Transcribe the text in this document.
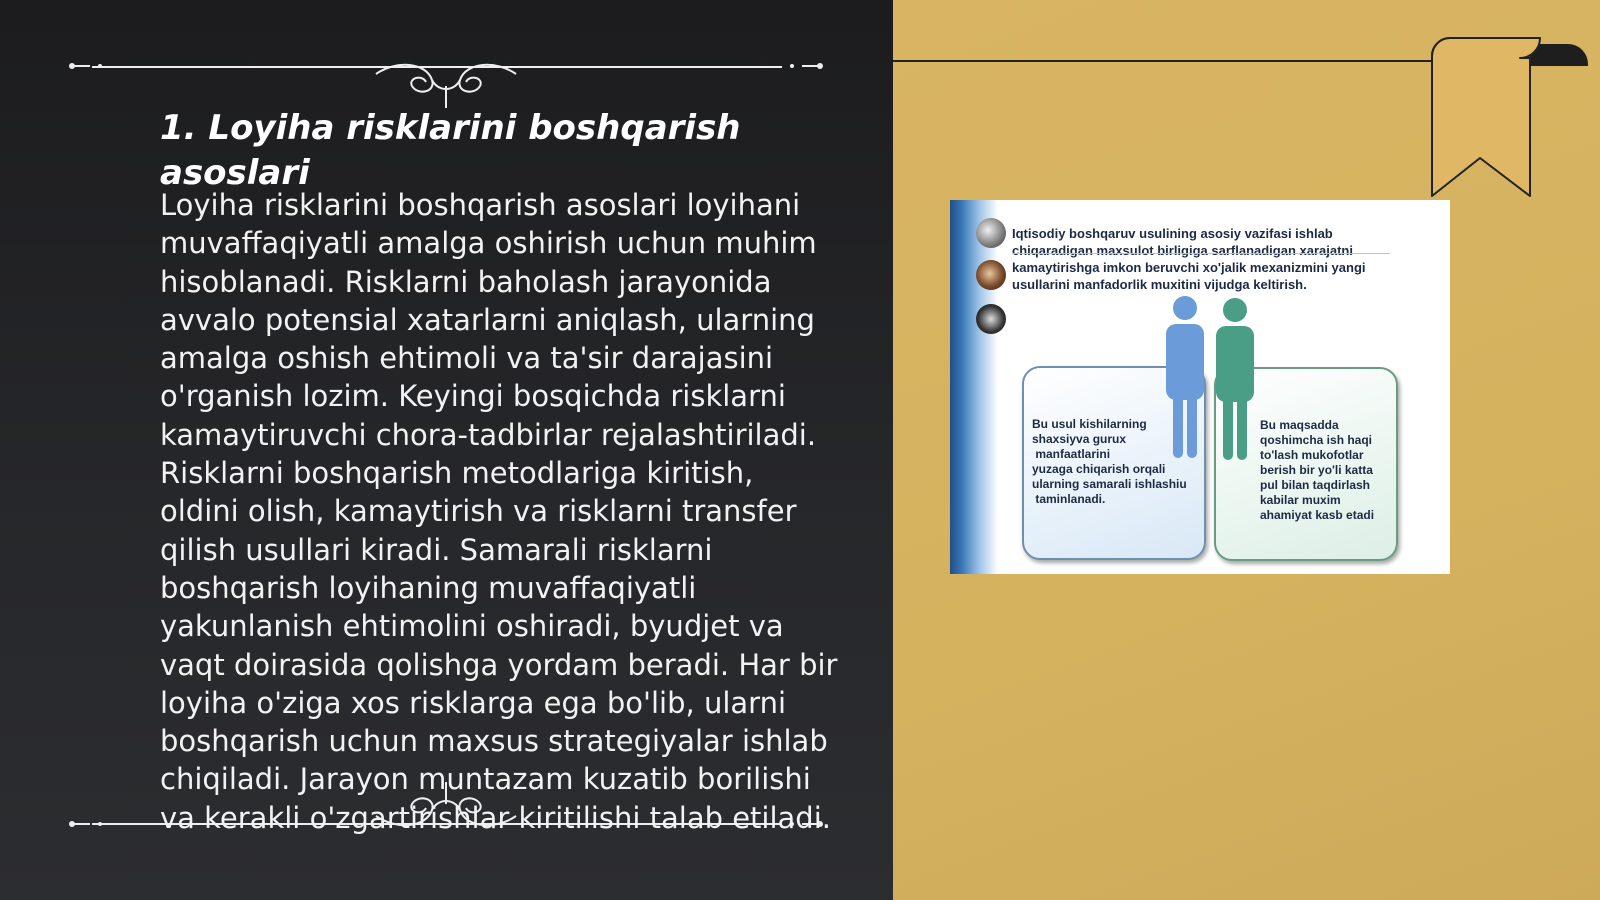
1. Loyiha risklarini boshqarish asoslari

Loyiha risklarini boshqarish asoslari loyihani muvaffaqiyatli amalga oshirish uchun muhim hisoblanadi. Risklarni baholash jarayonida avvalo potensial xatarlarni aniqlash, ularning amalga oshish ehtimoli va ta'sir darajasini o'rganish lozim. Keyingi bosqichda risklarni kamaytiruvchi chora-tadbirlar rejalashtiriladi. Risklarni boshqarish metodlariga kiritish, oldini olish, kamaytirish va risklarni transfer qilish usullari kiradi. Samarali risklarni boshqarish loyihaning muvaffaqiyatli yakunlanish ehtimolini oshiradi, byudjet va vaqt doirasida qolishga yordam beradi. Har bir loyiha o'ziga xos risklarga ega bo'lib, ularni boshqarish uchun maxsus strategiyalar ishlab chiqiladi. Jarayon muntazam kuzatib borilishi va kerakli o'zgartirishlar kiritilishi talab etiladi.

Iqtisodiy boshqaruv usulining asosiy vazifasi ishlab chiqaradigan maxsulot birligiga sarflanadigan xarajatni kamaytirishga imkon beruvchi xo'jalik mexanizmini yangi usullarini manfadorlik muxitini vijudga keltirish.

Bu usul kishilarning
shaxsiyva gurux
manfaatlarini
yuzaga chiqarish orqali
ularning samarali ishlashiu
taminlanadi.

Bu maqsadda
qoshimcha ish haqi
to'lash mukofotlar
berish bir yo'li katta
pul bilan taqdirlash
kabilar muxim
ahamiyat kasb etadi
